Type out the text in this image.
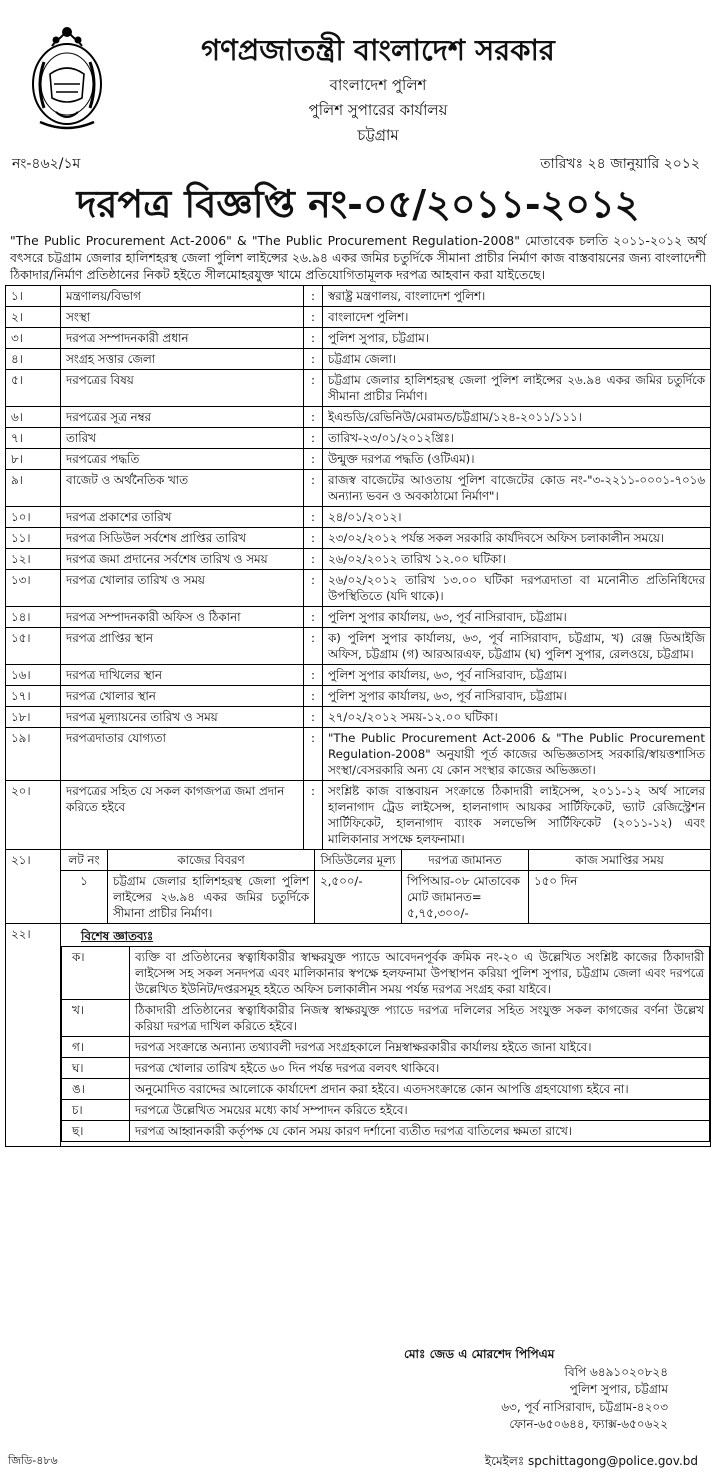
গণপ্রজাতন্ত্রী বাংলাদেশ সরকার
বাংলাদেশ পুলিশ
পুলিশ সুপারের কার্যালয়
চট্টগ্রাম
নং-৪৬২/১ম	তারিখঃ ২৪ জানুয়ারি ২০১২
দরপত্র বিজ্ঞপ্তি নং-০৫/২০১১-২০১২
"The Public Procurement Act-2006" & "The Public Procurement Regulation-2008" মোতাবেক চলতি ২০১১-২০১২ অর্থ বৎসরে চট্টগ্রাম জেলার হালিশহরস্থ জেলা পুলিশ লাইন্সের ২৬.৯৪ একর জমির চতুর্দিকে সীমানা প্রাচীর নির্মাণ কাজ বাস্তবায়নের জন্য বাংলাদেশী ঠিকাদার/নির্মাণ প্রতিষ্ঠানের নিকট হইতে সীলমোহরযুক্ত খামে প্রতিযোগিতামূলক দরপত্র আহবান করা যাইতেছে।
১।	মন্ত্রণালয়/বিভাগ	:	স্বরাষ্ট্র মন্ত্রণালয়, বাংলাদেশ পুলিশ।
২।	সংস্থা	:	বাংলাদেশ পুলিশ।
৩।	দরপত্র সম্পাদনকারী প্রধান	:	পুলিশ সুপার, চট্টগ্রাম।
৪।	সংগ্রহ সত্তার জেলা	:	চট্টগ্রাম জেলা।
৫।	দরপত্রের বিষয়	:	চট্টগ্রাম জেলার হালিশহরস্থ জেলা পুলিশ লাইন্সের ২৬.৯৪ একর জমির চতুর্দিকে সীমানা প্রাচীর নির্মাণ।
৬।	দরপত্রের সূত্র নম্বর	:	ইএন্ডডি/রেভিনিউ/মেরামত/চট্টগ্রাম/১২৪-২০১১/১১১।
৭।	তারিখ	:	তারিখ-২৩/০১/২০১২খ্রিঃ।
৮।	দরপত্রের পদ্ধতি	:	উন্মুক্ত দরপত্র পদ্ধতি (ওটিএম)।
৯।	বাজেট ও অর্থনৈতিক খাত	:	রাজস্ব বাজেটের আওতায় পুলিশ বাজেটের কোড নং-"৩-২২১১-০০০১-৭০১৬ অন্যান্য ভবন ও অবকাঠামো নির্মাণ"।
১০।	দরপত্র প্রকাশের তারিখ	:	২৪/০১/২০১২।
১১।	দরপত্র সিডিউল সর্বশেষ প্রাপ্তির তারিখ	:	২৩/০২/২০১২ পর্যন্ত সকল সরকারি কার্যদিবসে অফিস চলাকালীন সময়ে।
১২।	দরপত্র জমা প্রদানের সর্বশেষ তারিখ ও সময়	:	২৬/০২/২০১২ তারিখ ১২.০০ ঘটিকা।
১৩।	দরপত্র খোলার তারিখ ও সময়	:	২৬/০২/২০১২ তারিখ ১৩.০০ ঘটিকা দরপত্রদাতা বা মনোনীত প্রতিনিধিদের উপস্থিতিতে (যদি থাকে)।
১৪।	দরপত্র সম্পাদনকারী অফিস ও ঠিকানা	:	পুলিশ সুপার কার্যালয়, ৬৩, পূর্ব নাসিরাবাদ, চট্টগ্রাম।
১৫।	দরপত্র প্রাপ্তির স্থান	:	ক) পুলিশ সুপার কার্যালয়, ৬৩, পূর্ব নাসিরাবাদ, চট্টগ্রাম, খ) রেঞ্জ ডিআইজি অফিস, চট্টগ্রাম (গ) আরআরএফ, চট্টগ্রাম (ঘ) পুলিশ সুপার, রেলওয়ে, চট্টগ্রাম।
১৬।	দরপত্র দাখিলের স্থান	:	পুলিশ সুপার কার্যালয়, ৬৩, পূর্ব নাসিরাবাদ, চট্টগ্রাম।
১৭।	দরপত্র খোলার স্থান	:	পুলিশ সুপার কার্যালয়, ৬৩, পূর্ব নাসিরাবাদ, চট্টগ্রাম।
১৮।	দরপত্র মূল্যায়নের তারিখ ও সময়	:	২৭/০২/২০১২ সময়-১২.০০ ঘটিকা।
১৯।	দরপত্রদাতার যোগ্যতা	:	"The Public Procurement Act-2006 & "The Public Procurement Regulation-2008" অনুযায়ী পূর্ত কাজের অভিজ্ঞতাসহ সরকারি/স্বায়ত্তশাসিত সংস্থা/বেসরকারি অন্য যে কোন সংস্থার কাজের অভিজ্ঞতা।
২০।	দরপত্রের সহিত যে সকল কাগজপত্র জমা প্রদান করিতে হইবে	:	সংশ্লিষ্ট কাজ বাস্তবায়ন সংক্রান্তে ঠিকাদারী লাইসেন্স, ২০১১-১২ অর্থ সালের হালনাগাদ ট্রেড লাইসেন্স, হালনাগাদ আয়কর সার্টিফিকেট, ভ্যাট রেজিস্ট্রেশন সার্টিফিকেট, হালনাগাদ ব্যাংক সলভেন্সি সার্টিফিকেট (২০১১-১২) এবং মালিকানার সপক্ষে হলফনামা।
২১।		লট নং	কাজের বিবরণ	সিডিউলের মূল্য	দরপত্র জামানত	কাজ সমাপ্তির সময়
১	চট্টগ্রাম জেলার হালিশহরস্থ জেলা পুলিশ লাইন্সের ২৬.৯৪ একর জমির চতুর্দিকে সীমানা প্রাচীর নির্মাণ।	২,৫০০/-	পিপিআর-০৮ মোতাবেক মোট জামানত= ৫,৭৫,৩০০/-	১৫০ দিন

২২।	বিশেষ জ্ঞাতব্যঃ
ক।	ব্যক্তি বা প্রতিষ্ঠানের স্বত্বাধিকারীর স্বাক্ষরযুক্ত প্যাডে আবেদনপূর্বক ক্রমিক নং-২০ এ উল্লেখিত সংশ্লিষ্ট কাজের ঠিকাদারী লাইসেন্স সহ সকল সনদপত্র এবং মালিকানার স্বপক্ষে হলফনামা উপস্থাপন করিয়া পুলিশ সুপার, চট্টগ্রাম জেলা এবং দরপত্রে উল্লেখিত ইউনিট/দপ্তরসমূহ হইতে অফিস চলাকালীন সময় পর্যন্ত দরপত্র সংগ্রহ করা যাইবে।
খ।	ঠিকাদারী প্রতিষ্ঠানের স্বত্বাধিকারীর নিজস্ব স্বাক্ষরযুক্ত প্যাডে দরপত্র দলিলের সহিত সংযুক্ত সকল কাগজের বর্ণনা উল্লেখ করিয়া দরপত্র দাখিল করিতে হইবে।
গ।	দরপত্র সংক্রান্তে অন্যান্য তথ্যাবলী দরপত্র সংগ্রহকালে নিম্নস্বাক্ষরকারীর কার্যালয় হইতে জানা যাইবে।
ঘ।	দরপত্র খোলার তারিখ হইতে ৬০ দিন পর্যন্ত দরপত্র বলবৎ থাকিবে।
ঙ।	অনুমোদিত বরাদ্দের আলোকে কার্যাদেশ প্রদান করা হইবে। এতদসংক্রান্তে কোন আপত্তি গ্রহণযোগ্য হইবে না।
চ।	দরপত্রে উল্লেখিত সময়ের মধ্যে কার্য সম্পাদন করিতে হইবে।
ছ।	দরপত্র আহ্বানকারী কর্তৃপক্ষ যে কোন সময় কারণ দর্শানো ব্যতীত দরপত্র বাতিলের ক্ষমতা রাখে।
মোঃ জেড এ মোরশেদ পিপিএম
বিপি ৬৪৯১০২০৮২৪
পুলিশ সুপার, চট্টগ্রাম
৬৩, পূর্ব নাসিরাবাদ, চট্টগ্রাম-৪২০৩
ফোন-৬৫০৬৪৪, ফ্যাক্স-৬৫০৬২২
ইমেইলঃ spchittagong@police.gov.bd
জিডি-৪৮৬
